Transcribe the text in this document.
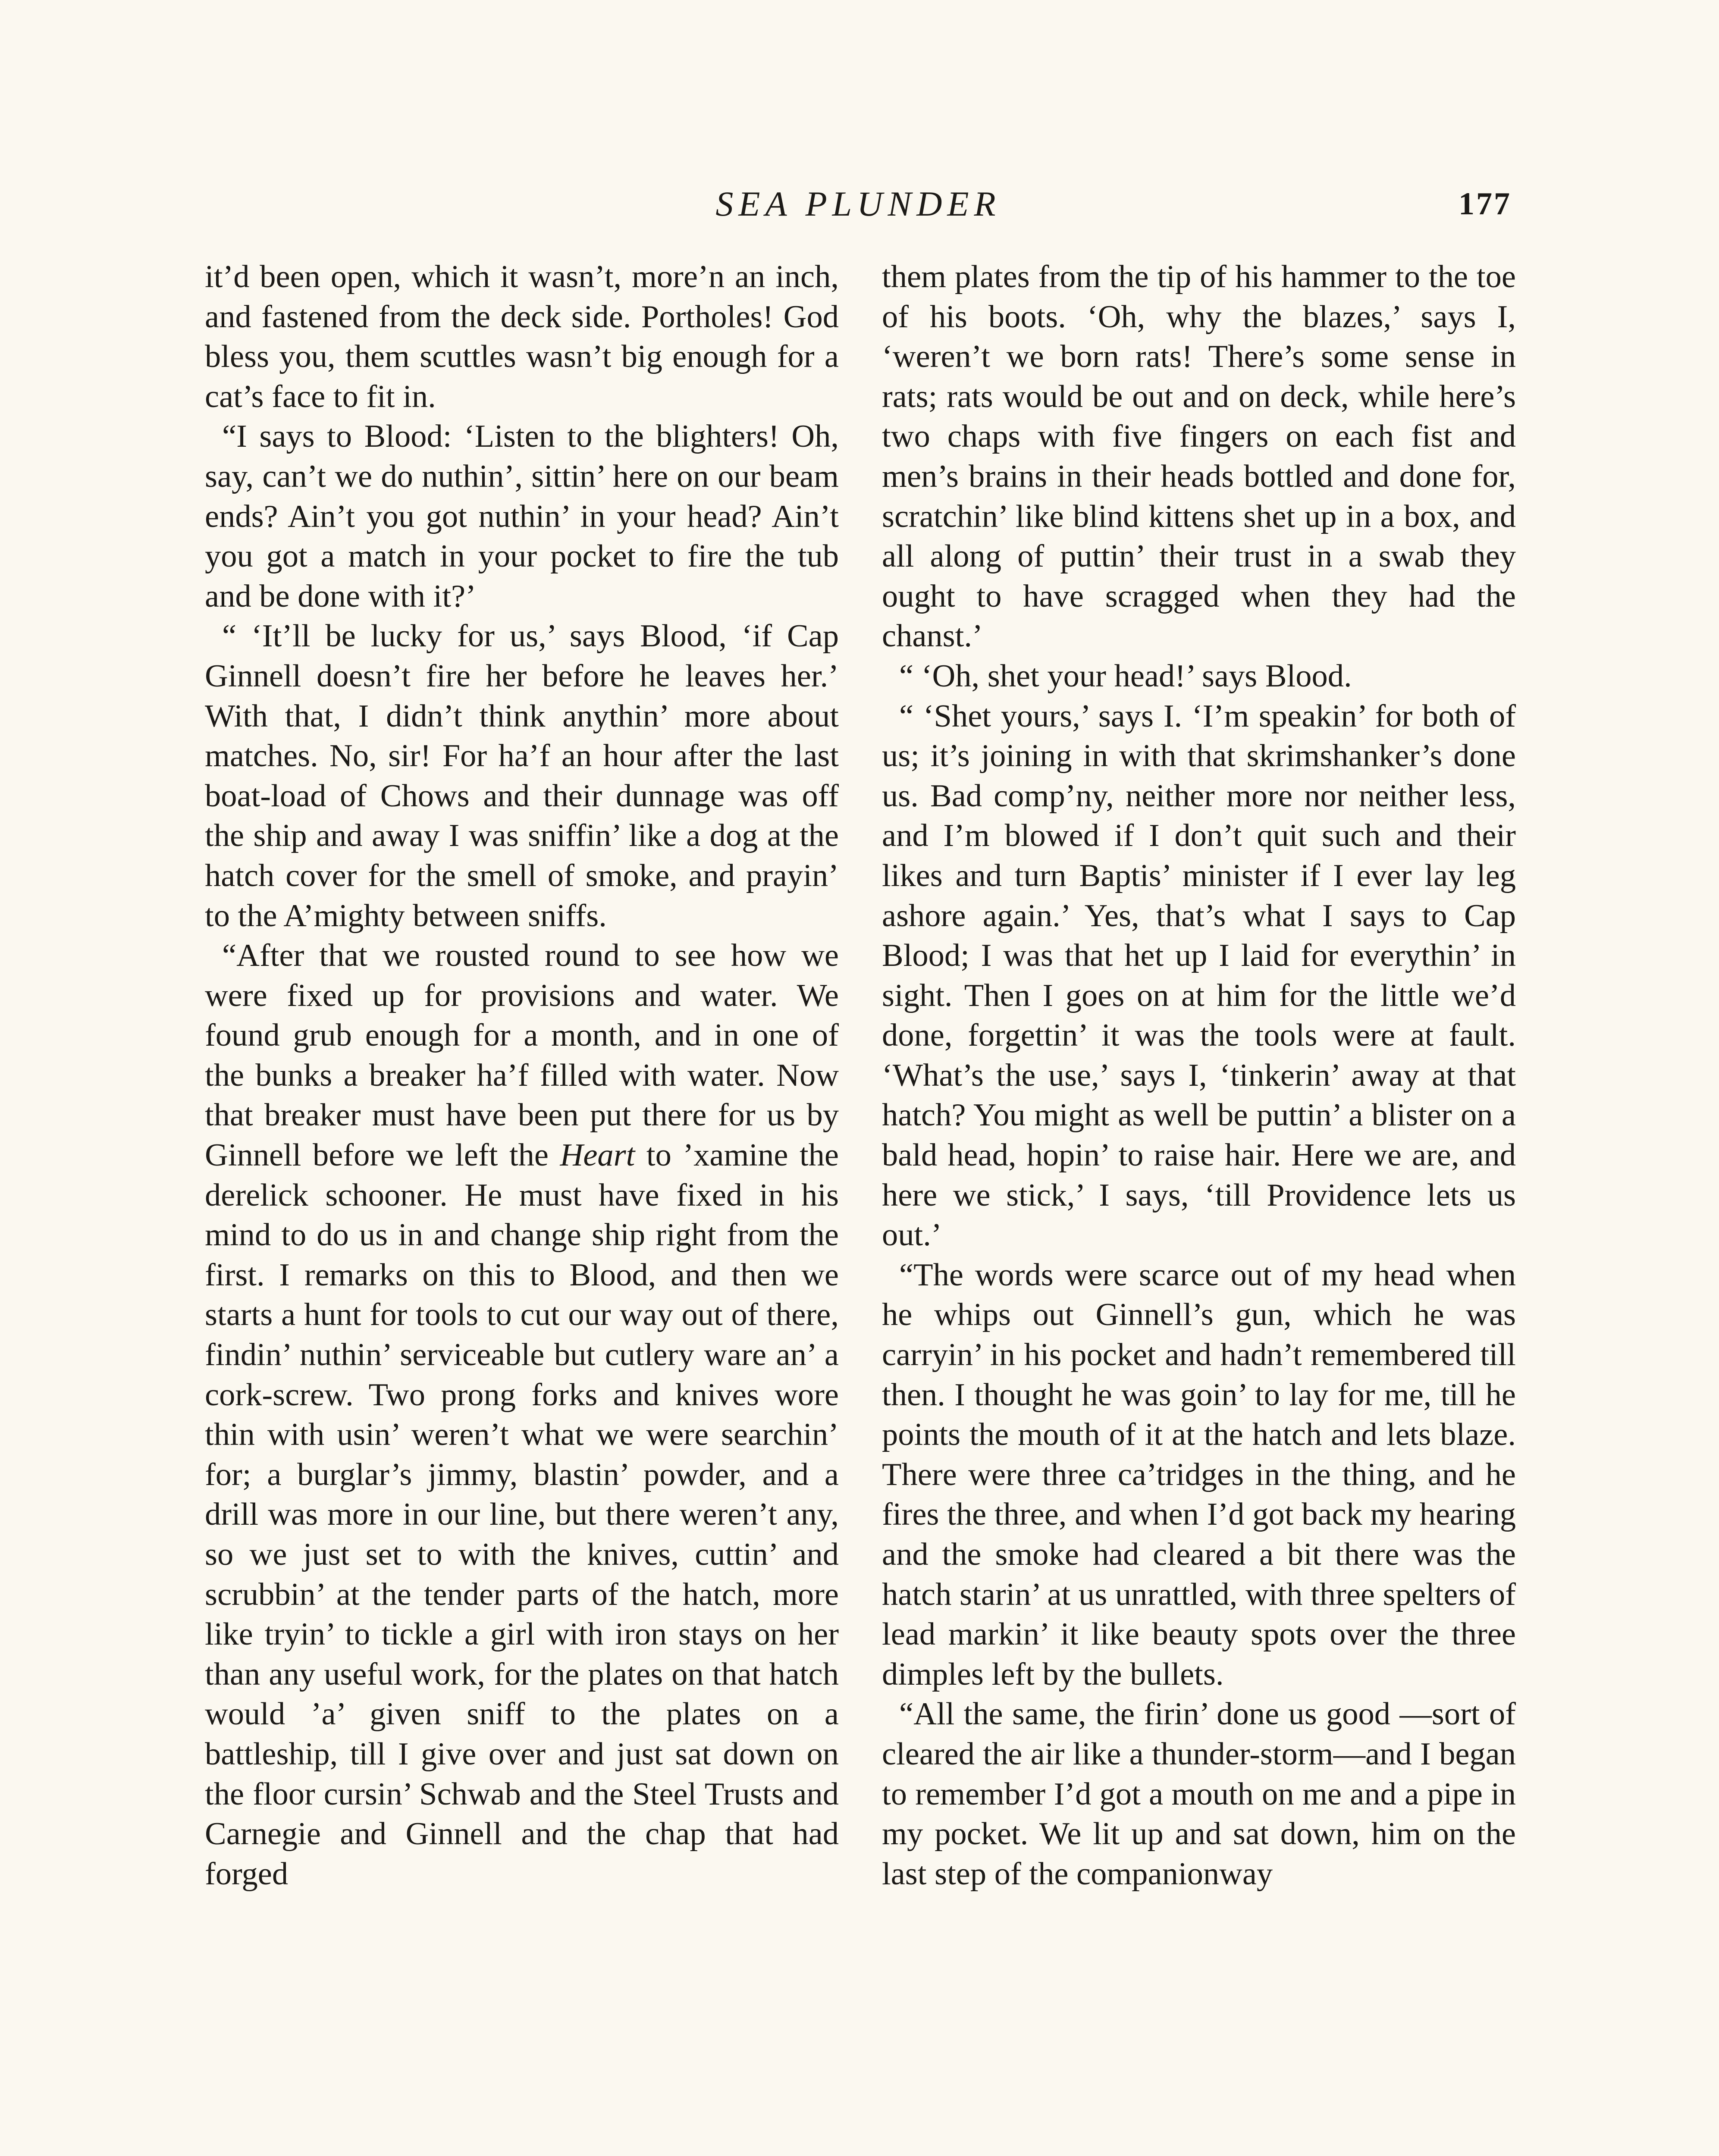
SEA PLUNDER	177

it’d been open, which it wasn’t, more’n an inch, and fastened from the deck side. Portholes! God bless you, them scuttles wasn’t big enough for a cat’s face to fit in.

“I says to Blood: ‘Listen to the blighters! Oh, say, can’t we do nuthin’, sittin’ here on our beam ends? Ain’t you got nuthin’ in your head? Ain’t you got a match in your pocket to fire the tub and be done with it?’

“ ‘It’ll be lucky for us,’ says Blood, ‘if Cap Ginnell doesn’t fire her before he leaves her.’ With that, I didn’t think anythin’ more about matches. No, sir! For ha’f an hour after the last boat-load of Chows and their dunnage was off the ship and away I was sniffin’ like a dog at the hatch cover for the smell of smoke, and prayin’ to the A’mighty between sniffs.

“After that we rousted round to see how we were fixed up for provisions and water. We found grub enough for a month, and in one of the bunks a breaker ha’f filled with water. Now that breaker must have been put there for us by Ginnell before we left the Heart to ’xamine the derelick schooner. He must have fixed in his mind to do us in and change ship right from the first. I remarks on this to Blood, and then we starts a hunt for tools to cut our way out of there, findin’ nuthin’ serviceable but cutlery ware an’ a cork-screw. Two prong forks and knives wore thin with usin’ weren’t what we were searchin’ for; a burglar’s jimmy, blastin’ powder, and a drill was more in our line, but there weren’t any, so we just set to with the knives, cuttin’ and scrubbin’ at the tender parts of the hatch, more like tryin’ to tickle a girl with iron stays on her than any useful work, for the plates on that hatch would ’a’ given sniff to the plates on a battleship, till I give over and just sat down on the floor cursin’ Schwab and the Steel Trusts and Carnegie and Ginnell and the chap that had forged

them plates from the tip of his hammer to the toe of his boots. ‘Oh, why the blazes,’ says I, ‘weren’t we born rats! There’s some sense in rats; rats would be out and on deck, while here’s two chaps with five fingers on each fist and men’s brains in their heads bottled and done for, scratchin’ like blind kittens shet up in a box, and all along of puttin’ their trust in a swab they ought to have scragged when they had the chanst.’

“ ‘Oh, shet your head!’ says Blood.

“ ‘Shet yours,’ says I. ‘I’m speakin’ for both of us; it’s joining in with that skrimshanker’s done us. Bad comp’ny, neither more nor neither less, and I’m blowed if I don’t quit such and their likes and turn Baptis’ minister if I ever lay leg ashore again.’ Yes, that’s what I says to Cap Blood; I was that het up I laid for everythin’ in sight. Then I goes on at him for the little we’d done, forgettin’ it was the tools were at fault. ‘What’s the use,’ says I, ‘tinkerin’ away at that hatch? You might as well be puttin’ a blister on a bald head, hopin’ to raise hair. Here we are, and here we stick,’ I says, ‘till Providence lets us out.’

“The words were scarce out of my head when he whips out Ginnell’s gun, which he was carryin’ in his pocket and hadn’t remembered till then. I thought he was goin’ to lay for me, till he points the mouth of it at the hatch and lets blaze. There were three ca’tridges in the thing, and he fires the three, and when I’d got back my hearing and the smoke had cleared a bit there was the hatch starin’ at us unrattled, with three spelters of lead markin’ it like beauty spots over the three dimples left by the bullets.

“All the same, the firin’ done us good —sort of cleared the air like a thunder-storm—and I began to remember I’d got a mouth on me and a pipe in my pocket. We lit up and sat down, him on the last step of the companionway
